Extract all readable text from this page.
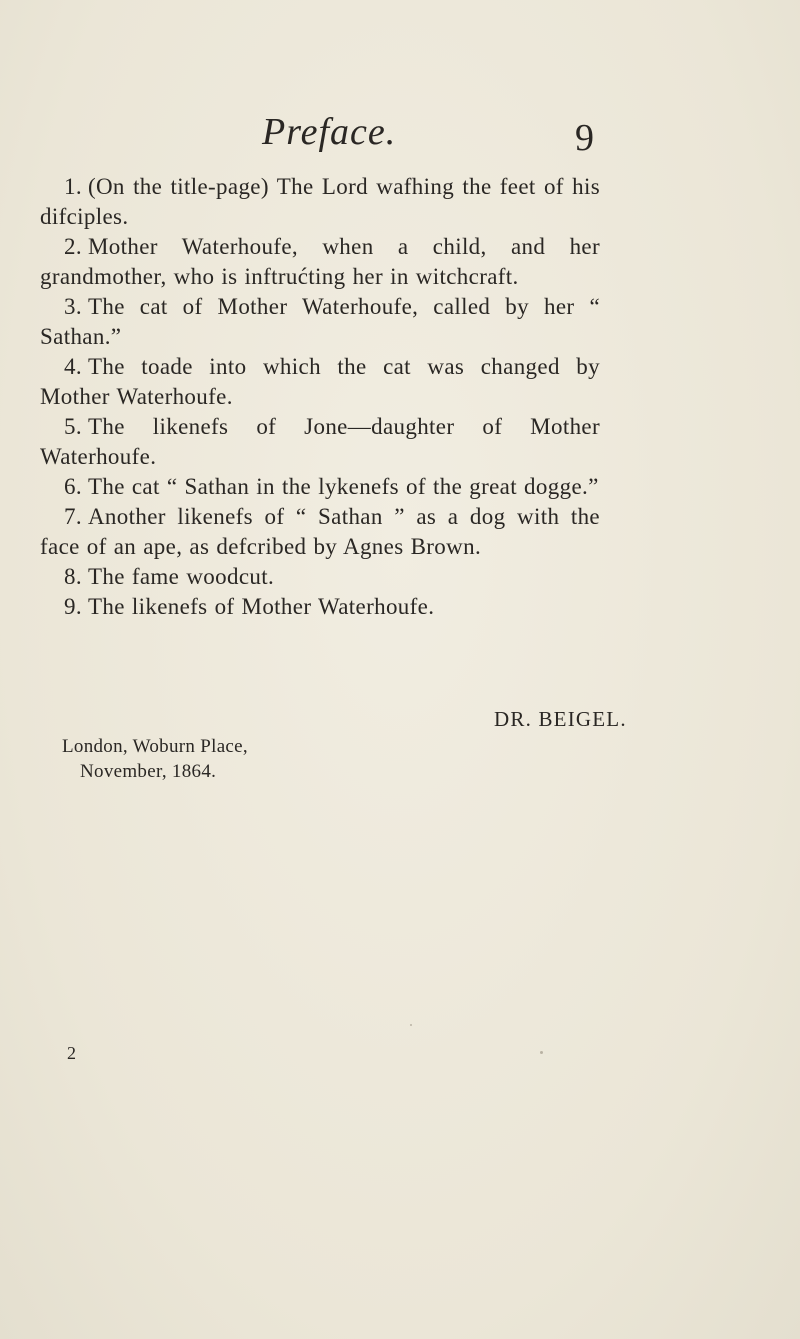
Preface.	9

1. (On the title-page) The Lord wafhing the feet of his difciples.

2. Mother Waterhoufe, when a child, and her grandmother, who is inftrućting her in witchcraft.

3. The cat of Mother Waterhoufe, called by her “ Sathan.”

4. The toade into which the cat was changed by Mother Waterhoufe.

5. The likenefs of Jone—daughter of Mother Waterhoufe.

6. The cat “ Sathan in the lykenefs of the great dogge.”

7. Another likenefs of “ Sathan ” as a dog with the face of an ape, as defcribed by Agnes Brown.

8. The fame woodcut.

9. The likenefs of Mother Waterhoufe.

DR. BEIGEL.
London, Woburn Place,
November, 1864.
2
